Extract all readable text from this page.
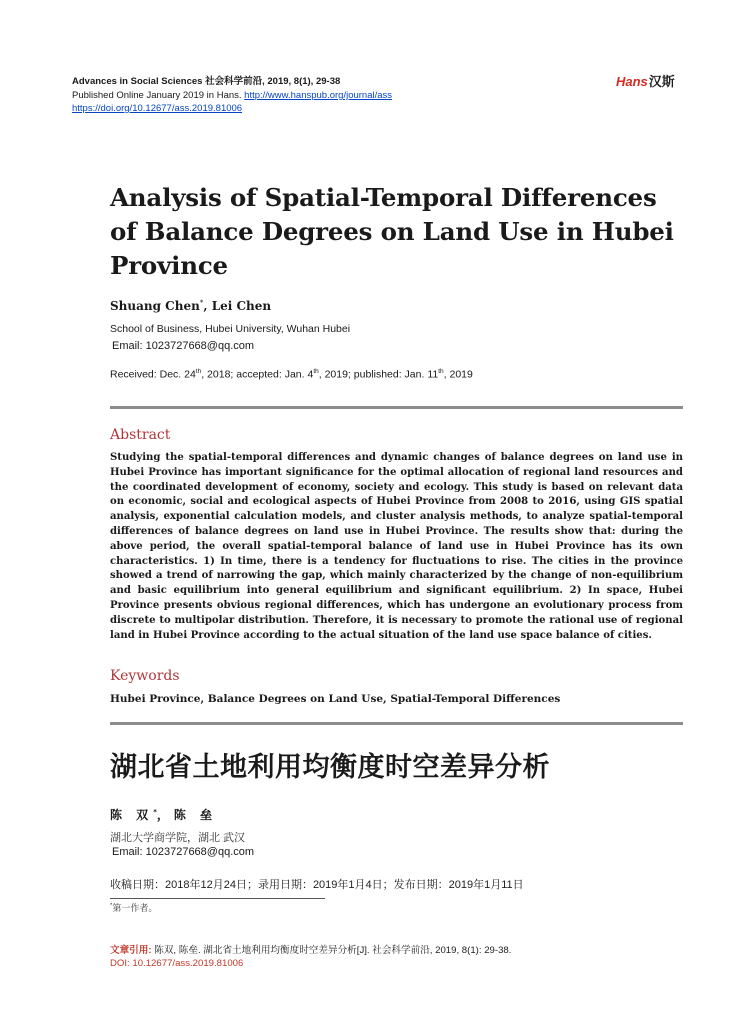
Advances in Social Sciences 社会科学前沿, 2019, 8(1), 29-38
Published Online January 2019 in Hans. http://www.hanspub.org/journal/ass
https://doi.org/10.12677/ass.2019.81006
Hans汉斯
Analysis of Spatial-Temporal Differences of Balance Degrees on Land Use in Hubei Province
Shuang Chen*, Lei Chen
School of Business, Hubei University, Wuhan Hubei
Email: 1023727668@qq.com
Received: Dec. 24th, 2018; accepted: Jan. 4th, 2019; published: Jan. 11th, 2019
Abstract
Studying the spatial-temporal differences and dynamic changes of balance degrees on land use in Hubei Province has important significance for the optimal allocation of regional land resources and the coordinated development of economy, society and ecology. This study is based on relevant data on economic, social and ecological aspects of Hubei Province from 2008 to 2016, using GIS spatial analysis, exponential calculation models, and cluster analysis methods, to analyze spatial-temporal differences of balance degrees on land use in Hubei Province. The results show that: during the above period, the overall spatial-temporal balance of land use in Hubei Province has its own characteristics. 1) In time, there is a tendency for fluctuations to rise. The cities in the province showed a trend of narrowing the gap, which mainly characterized by the change of non-equilibrium and basic equilibrium into general equilibrium and significant equilibrium. 2) In space, Hubei Province presents obvious regional differences, which has undergone an evolutionary process from discrete to multipolar distribution. Therefore, it is necessary to promote the rational use of regional land in Hubei Province according to the actual situation of the land use space balance of cities.
Keywords
Hubei Province, Balance Degrees on Land Use, Spatial-Temporal Differences
湖北省土地利用均衡度时空差异分析
陈 双*，陈 垒
湖北大学商学院，湖北 武汉
Email: 1023727668@qq.com
收稿日期：2018年12月24日；录用日期：2019年1月4日；发布日期：2019年1月11日
*第一作者。
文章引用: 陈双, 陈垒. 湖北省土地利用均衡度时空差异分析[J]. 社会科学前沿, 2019, 8(1): 29-38.
DOI: 10.12677/ass.2019.81006
